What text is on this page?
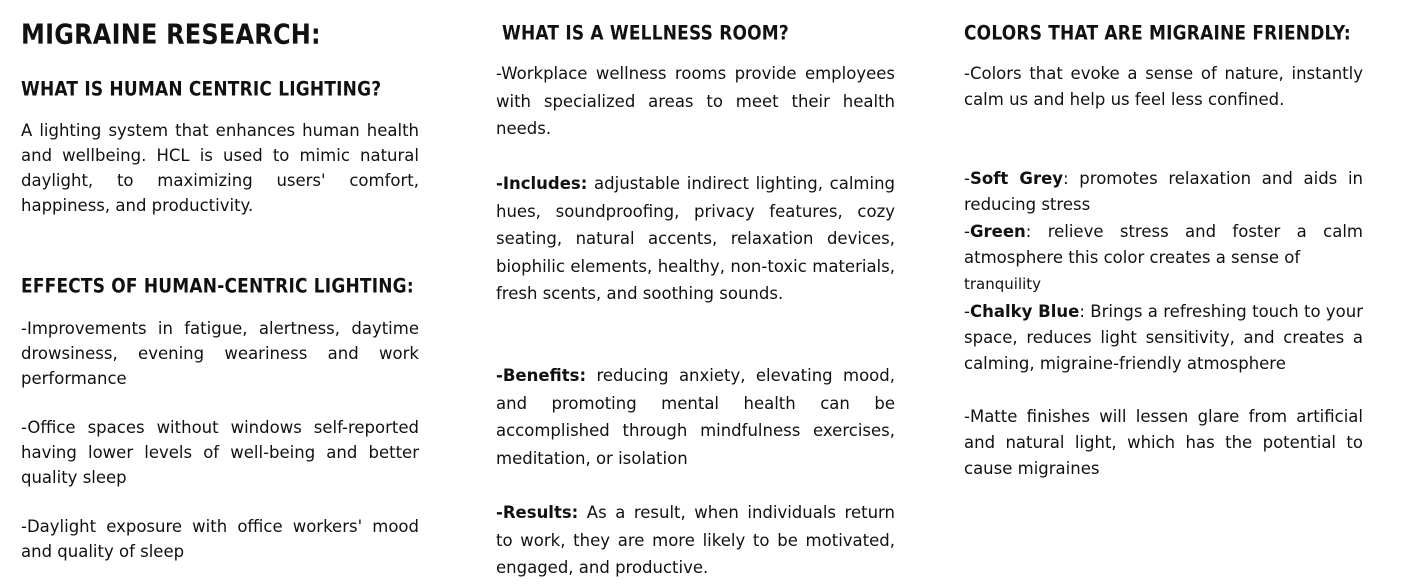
MIGRAINE RESEARCH:
WHAT IS HUMAN CENTRIC LIGHTING?
A lighting system that enhances human health and wellbeing. HCL is used to mimic natural daylight, to maximizing users' comfort, happiness, and productivity.
EFFECTS OF HUMAN-CENTRIC LIGHTING:
-Improvements in fatigue, alertness, daytime drowsiness, evening weariness and work performance
-Office spaces without windows self-reported having lower levels of well-being and better quality sleep
-Daylight exposure with office workers' mood and quality of sleep
WHAT IS A WELLNESS ROOM?
-Workplace wellness rooms provide employees with specialized areas to meet their health needs.
-Includes: adjustable indirect lighting, calming hues, soundproofing, privacy features, cozy seating, natural accents, relaxation devices, biophilic elements, healthy, non-toxic materials, fresh scents, and soothing sounds.
-Benefits: reducing anxiety, elevating mood, and promoting mental health can be accomplished through mindfulness exercises, meditation, or isolation
-Results: As a result, when individuals return to work, they are more likely to be motivated, engaged, and productive.
COLORS THAT ARE MIGRAINE FRIENDLY:
-Colors that evoke a sense of nature, instantly calm us and help us feel less confined.
-Soft Grey: promotes relaxation and aids in reducing stress
-Green: relieve stress and foster a calm atmosphere this color creates a sense of
tranquility
-Chalky Blue: Brings a refreshing touch to your space, reduces light sensitivity, and creates a calming, migraine-friendly atmosphere
-Matte finishes will lessen glare from artificial and natural light, which has the potential to cause migraines
